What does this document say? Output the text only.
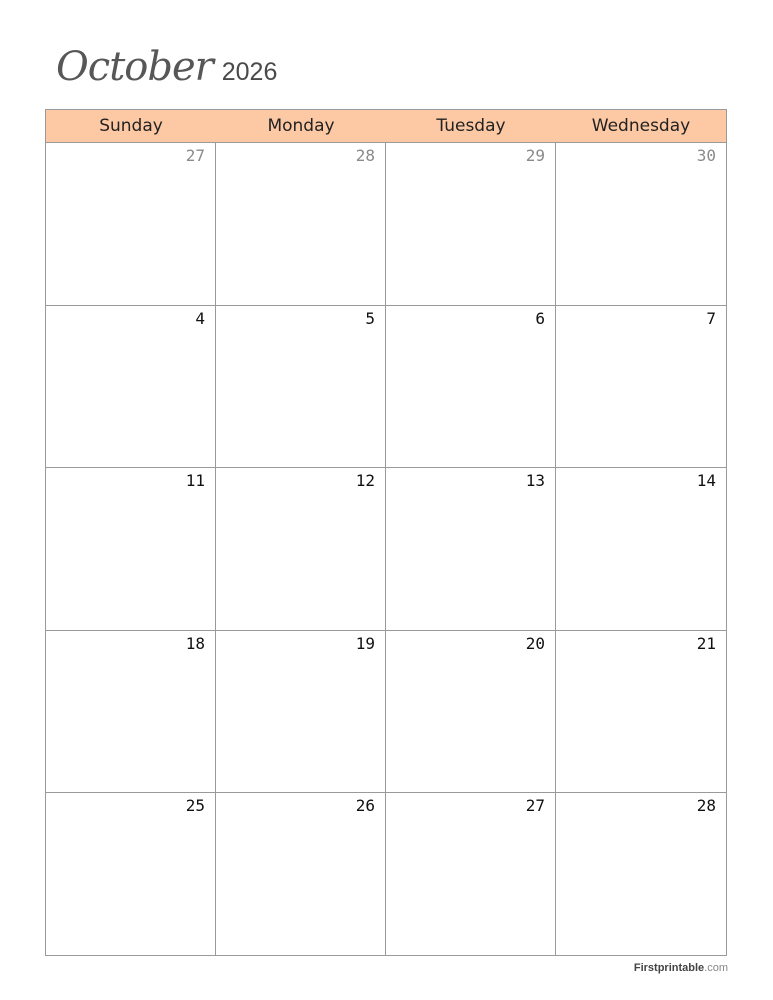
October 2026
Sunday	Monday	Tuesday	Wednesday
27	28	29	30
4	5	6	7
11	12	13	14
18	19	20	21
25	26	27	28
Firstprintable.com
